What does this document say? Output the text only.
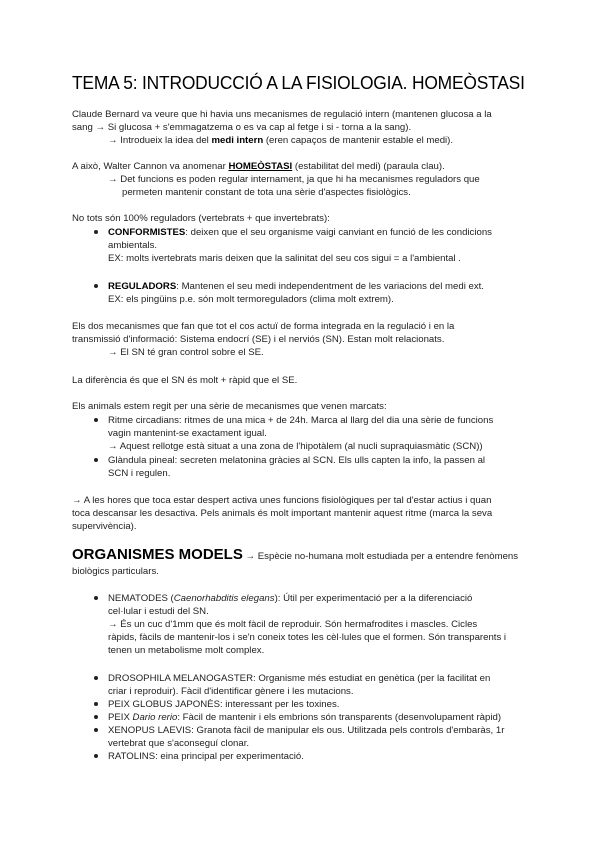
TEMA 5: INTRODUCCIÓ A LA FISIOLOGIA. HOMEÒSTASI
Claude Bernard va veure que hi havia uns mecanismes de regulació intern (mantenen glucosa a la
sang → Si glucosa + s'emmagatzema o es va cap al fetge i si - torna a la sang).
→ Introdueix la idea del medi intern (eren capaços de mantenir estable el medi).
A això, Walter Cannon va anomenar HOMEÒSTASI (estabilitat del medi) (paraula clau).
→ Det funcions es poden regular internament, ja que hi ha mecanismes reguladors que
permeten mantenir constant de tota una sèrie d'aspectes fisiològics.
No tots són 100% reguladors (vertebrats + que invertebrats):
CONFORMISTES: deixen que el seu organisme vaigi canviant en funció de les condicions
ambientals.
EX: molts ivertebrats maris deixen que la salinitat del seu cos sigui = a l'ambiental .
REGULADORS: Mantenen el seu medi independentment de les variacions del medi ext.
EX: els pingüins p.e. són molt termoreguladors (clima molt extrem).
Els dos mecanismes que fan que tot el cos actuï de forma integrada en la regulació i en la
transmissió d'informació: Sistema endocrí (SE) i el nerviós (SN). Estan molt relacionats.
→ El SN té gran control sobre el SE.
La diferència és que el SN és molt + ràpid que el SE.
Els animals estem regit per una sèrie de mecanismes que venen marcats:
Ritme circadians: ritmes de una mica + de 24h. Marca al llarg del dia una sèrie de funcions
vagin mantenint-se exactament igual.
→ Aquest rellotge està situat a una zona de l'hipotàlem (al nucli supraquiasmàtic (SCN))
Glàndula pineal: secreten melatonina gràcies al SCN. Els ulls capten la info, la passen al
SCN i regulen.
→ A les hores que toca estar despert activa unes funcions fisiològiques per tal d'estar actius i quan
toca descansar les desactiva. Pels animals és molt important mantenir aquest ritme (marca la seva
supervivència).
ORGANISMES MODELS → Espècie no-humana molt estudiada per a entendre fenòmens
biològics particulars.
NEMATODES (Caenorhabditis elegans): Útil per experimentació per a la diferenciació
cel·lular i estudi del SN.
→ És un cuc d'1mm que és molt fàcil de reproduir. Són hermafrodites i mascles. Cicles
ràpids, fàcils de mantenir-los i se'n coneix totes les cèl·lules que el formen. Són transparents i
tenen un metabolisme molt complex.
DROSOPHILA MELANOGASTER: Organisme més estudiat en genètica (per la facilitat en
criar i reproduir). Fàcil d'identificar gènere i les mutacions.
PEIX GLOBUS JAPONÈS: interessant per les toxines.
PEIX Dario rerio: Fàcil de mantenir i els embrions són transparents (desenvolupament ràpid)
XENOPUS LAEVIS: Granota fàcil de manipular els ous. Utilitzada pels controls d'embaràs, 1r
vertebrat que s'aconseguí clonar.
RATOLINS: eina principal per experimentació.
